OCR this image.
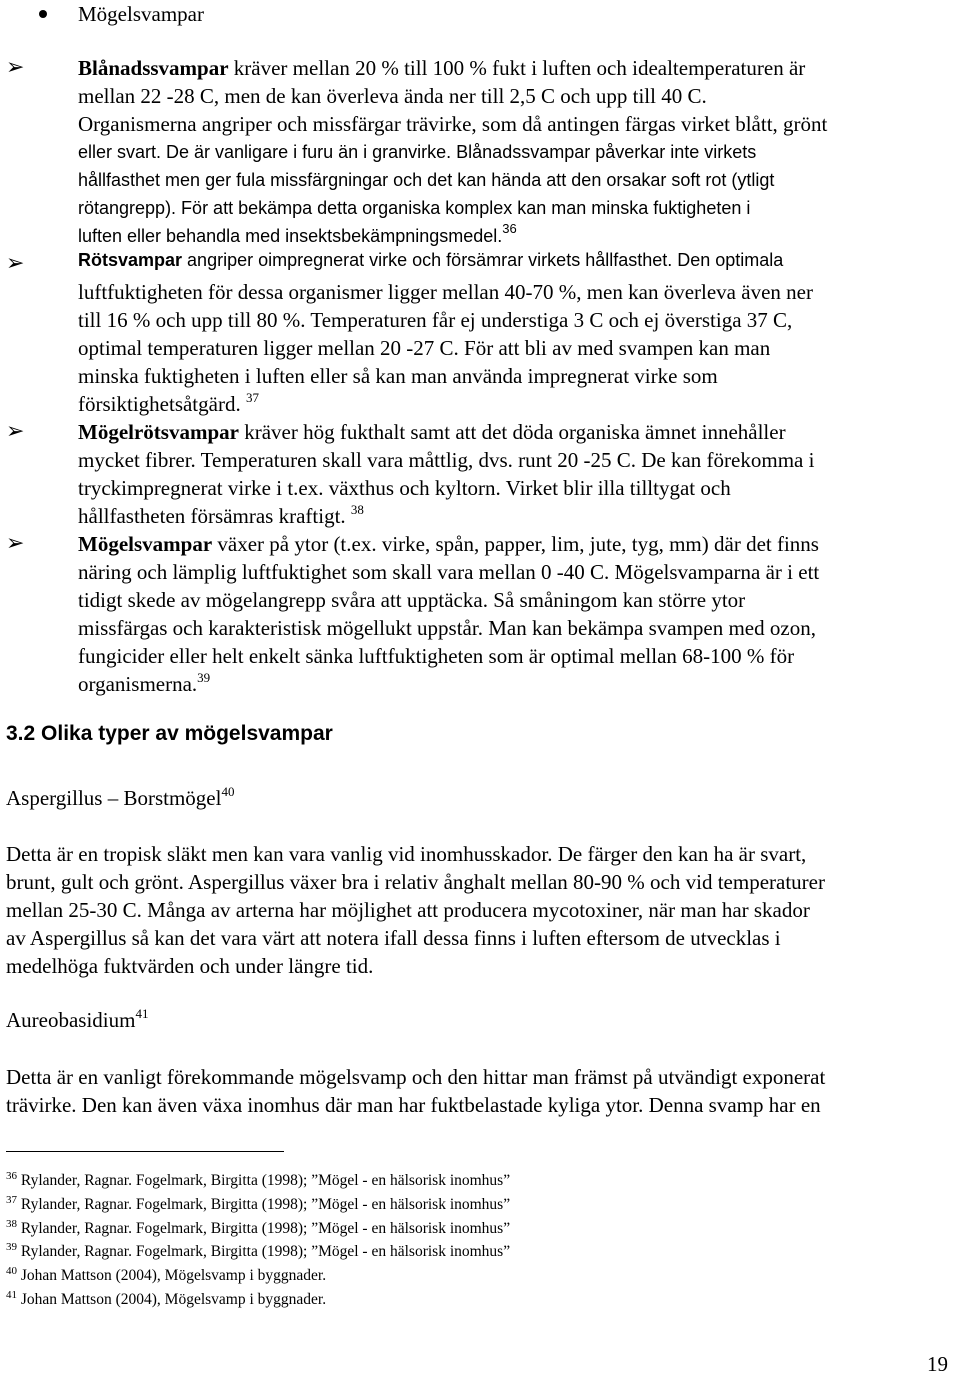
Mögelsvampar
➢	Blånadssvampar kräver mellan 20 % till 100 % fukt i luften och idealtemperaturen är
mellan 22 -28 C, men de kan överleva ända ner till 2,5 C och upp till 40 C.
Organismerna angriper och missfärgar trävirke, som då antingen färgas virket blått, grönt
eller svart. De är vanligare i furu än i granvirke. Blånadssvampar påverkar inte virkets
hållfasthet men ger fula missfärgningar och det kan hända att den orsakar soft rot (ytligt
rötangrepp). För att bekämpa detta organiska komplex kan man minska fuktigheten i
luften eller behandla med insektsbekämpningsmedel.$^{36}$
➢	Rötsvampar angriper oimpregnerat virke och försämrar virkets hållfasthet. Den optimala
luftfuktigheten för dessa organismer ligger mellan 40-70 %, men kan överleva även ner
till 16 % och upp till 80 %. Temperaturen får ej understiga 3 C och ej överstiga 37 C,
optimal temperaturen ligger mellan 20 -27 C. För att bli av med svampen kan man
minska fuktigheten i luften eller så kan man använda impregnerat virke som
försiktighetsåtgärd. $^{37}$
➢	Mögelrötsvampar kräver hög fukthalt samt att det döda organiska ämnet innehåller
mycket fibrer. Temperaturen skall vara måttlig, dvs. runt 20 -25 C. De kan förekomma i
tryckimpregnerat virke i t.ex. växthus och kyltorn. Virket blir illa tilltygat och
hållfastheten försämras kraftigt. $^{38}$
➢	Mögelsvampar växer på ytor (t.ex. virke, spån, papper, lim, jute, tyg, mm) där det finns
näring och lämplig luftfuktighet som skall vara mellan 0 -40 C. Mögelsvamparna är i ett
tidigt skede av mögelangrepp svåra att upptäcka. Så småningom kan större ytor
missfärgas och karakteristisk mögellukt uppstår. Man kan bekämpa svampen med ozon,
fungicider eller helt enkelt sänka luftfuktigheten som är optimal mellan 68-100 % för
organismerna.$^{39}$
3.2 Olika typer av mögelsvampar
Aspergillus – Borstmögel$^{40}$
Detta är en tropisk släkt men kan vara vanlig vid inomhusskador. De färger den kan ha är svart,
brunt, gult och grönt. Aspergillus växer bra i relativ ånghalt mellan 80-90 % och vid temperaturer
mellan 25-30 C. Många av arterna har möjlighet att producera mycotoxiner, när man har skador
av Aspergillus så kan det vara värt att notera ifall dessa finns i luften eftersom de utvecklas i
medelhöga fuktvärden och under längre tid.
Aureobasidium$^{41}$
Detta är en vanligt förekommande mögelsvamp och den hittar man främst på utvändigt exponerat
trävirke. Den kan även växa inomhus där man har fuktbelastade kyliga ytor. Denna svamp har en
$^{36}$ Rylander, Ragnar. Fogelmark, Birgitta (1998); ”Mögel - en hälsorisk inomhus”
$^{37}$ Rylander, Ragnar. Fogelmark, Birgitta (1998); ”Mögel - en hälsorisk inomhus”
$^{38}$ Rylander, Ragnar. Fogelmark, Birgitta (1998); ”Mögel - en hälsorisk inomhus”
$^{39}$ Rylander, Ragnar. Fogelmark, Birgitta (1998); ”Mögel - en hälsorisk inomhus”
$^{40}$ Johan Mattson (2004), Mögelsvamp i byggnader.
$^{41}$ Johan Mattson (2004), Mögelsvamp i byggnader.
19
